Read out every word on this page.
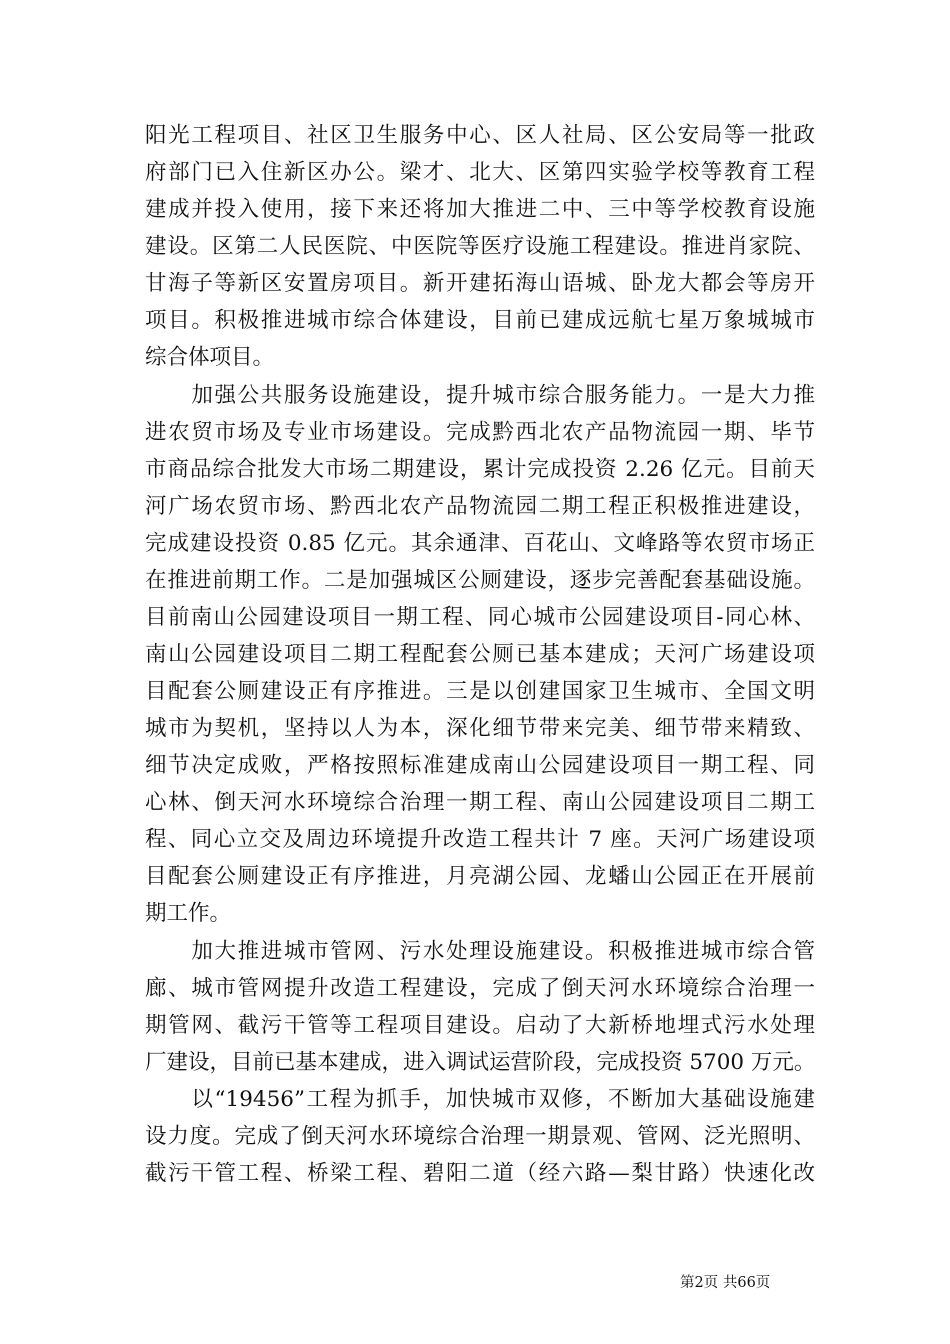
阳光工程项目、社区卫生服务中心、区人社局、区公安局等一批政
府部门已入住新区办公。梁才、北大、区第四实验学校等教育工程
建成并投入使用，接下来还将加大推进二中、三中等学校教育设施
建设。区第二人民医院、中医院等医疗设施工程建设。推进肖家院、
甘海子等新区安置房项目。新开建拓海山语城、卧龙大都会等房开
项目。积极推进城市综合体建设，目前已建成远航七星万象城城市
综合体项目。
　　加强公共服务设施建设，提升城市综合服务能力。一是大力推
进农贸市场及专业市场建设。完成黔西北农产品物流园一期、毕节
市商品综合批发大市场二期建设，累计完成投资 2.26 亿元。目前天
河广场农贸市场、黔西北农产品物流园二期工程正积极推进建设，
完成建设投资 0.85 亿元。其余通津、百花山、文峰路等农贸市场正
在推进前期工作。二是加强城区公厕建设，逐步完善配套基础设施。
目前南山公园建设项目一期工程、同心城市公园建设项目-同心林、
南山公园建设项目二期工程配套公厕已基本建成；天河广场建设项
目配套公厕建设正有序推进。三是以创建国家卫生城市、全国文明
城市为契机，坚持以人为本，深化细节带来完美、细节带来精致、
细节决定成败，严格按照标准建成南山公园建设项目一期工程、同
心林、倒天河水环境综合治理一期工程、南山公园建设项目二期工
程、同心立交及周边环境提升改造工程共计 7 座。天河广场建设项
目配套公厕建设正有序推进，月亮湖公园、龙蟠山公园正在开展前
期工作。
　　加大推进城市管网、污水处理设施建设。积极推进城市综合管
廊、城市管网提升改造工程建设，完成了倒天河水环境综合治理一
期管网、截污干管等工程项目建设。启动了大新桥地埋式污水处理
厂建设，目前已基本建成，进入调试运营阶段，完成投资 5700 万元。
　　以“19456”工程为抓手，加快城市双修，不断加大基础设施建
设力度。完成了倒天河水环境综合治理一期景观、管网、泛光照明、
截污干管工程、桥梁工程、碧阳二道（经六路—梨甘路）快速化改
第2页 共66页
